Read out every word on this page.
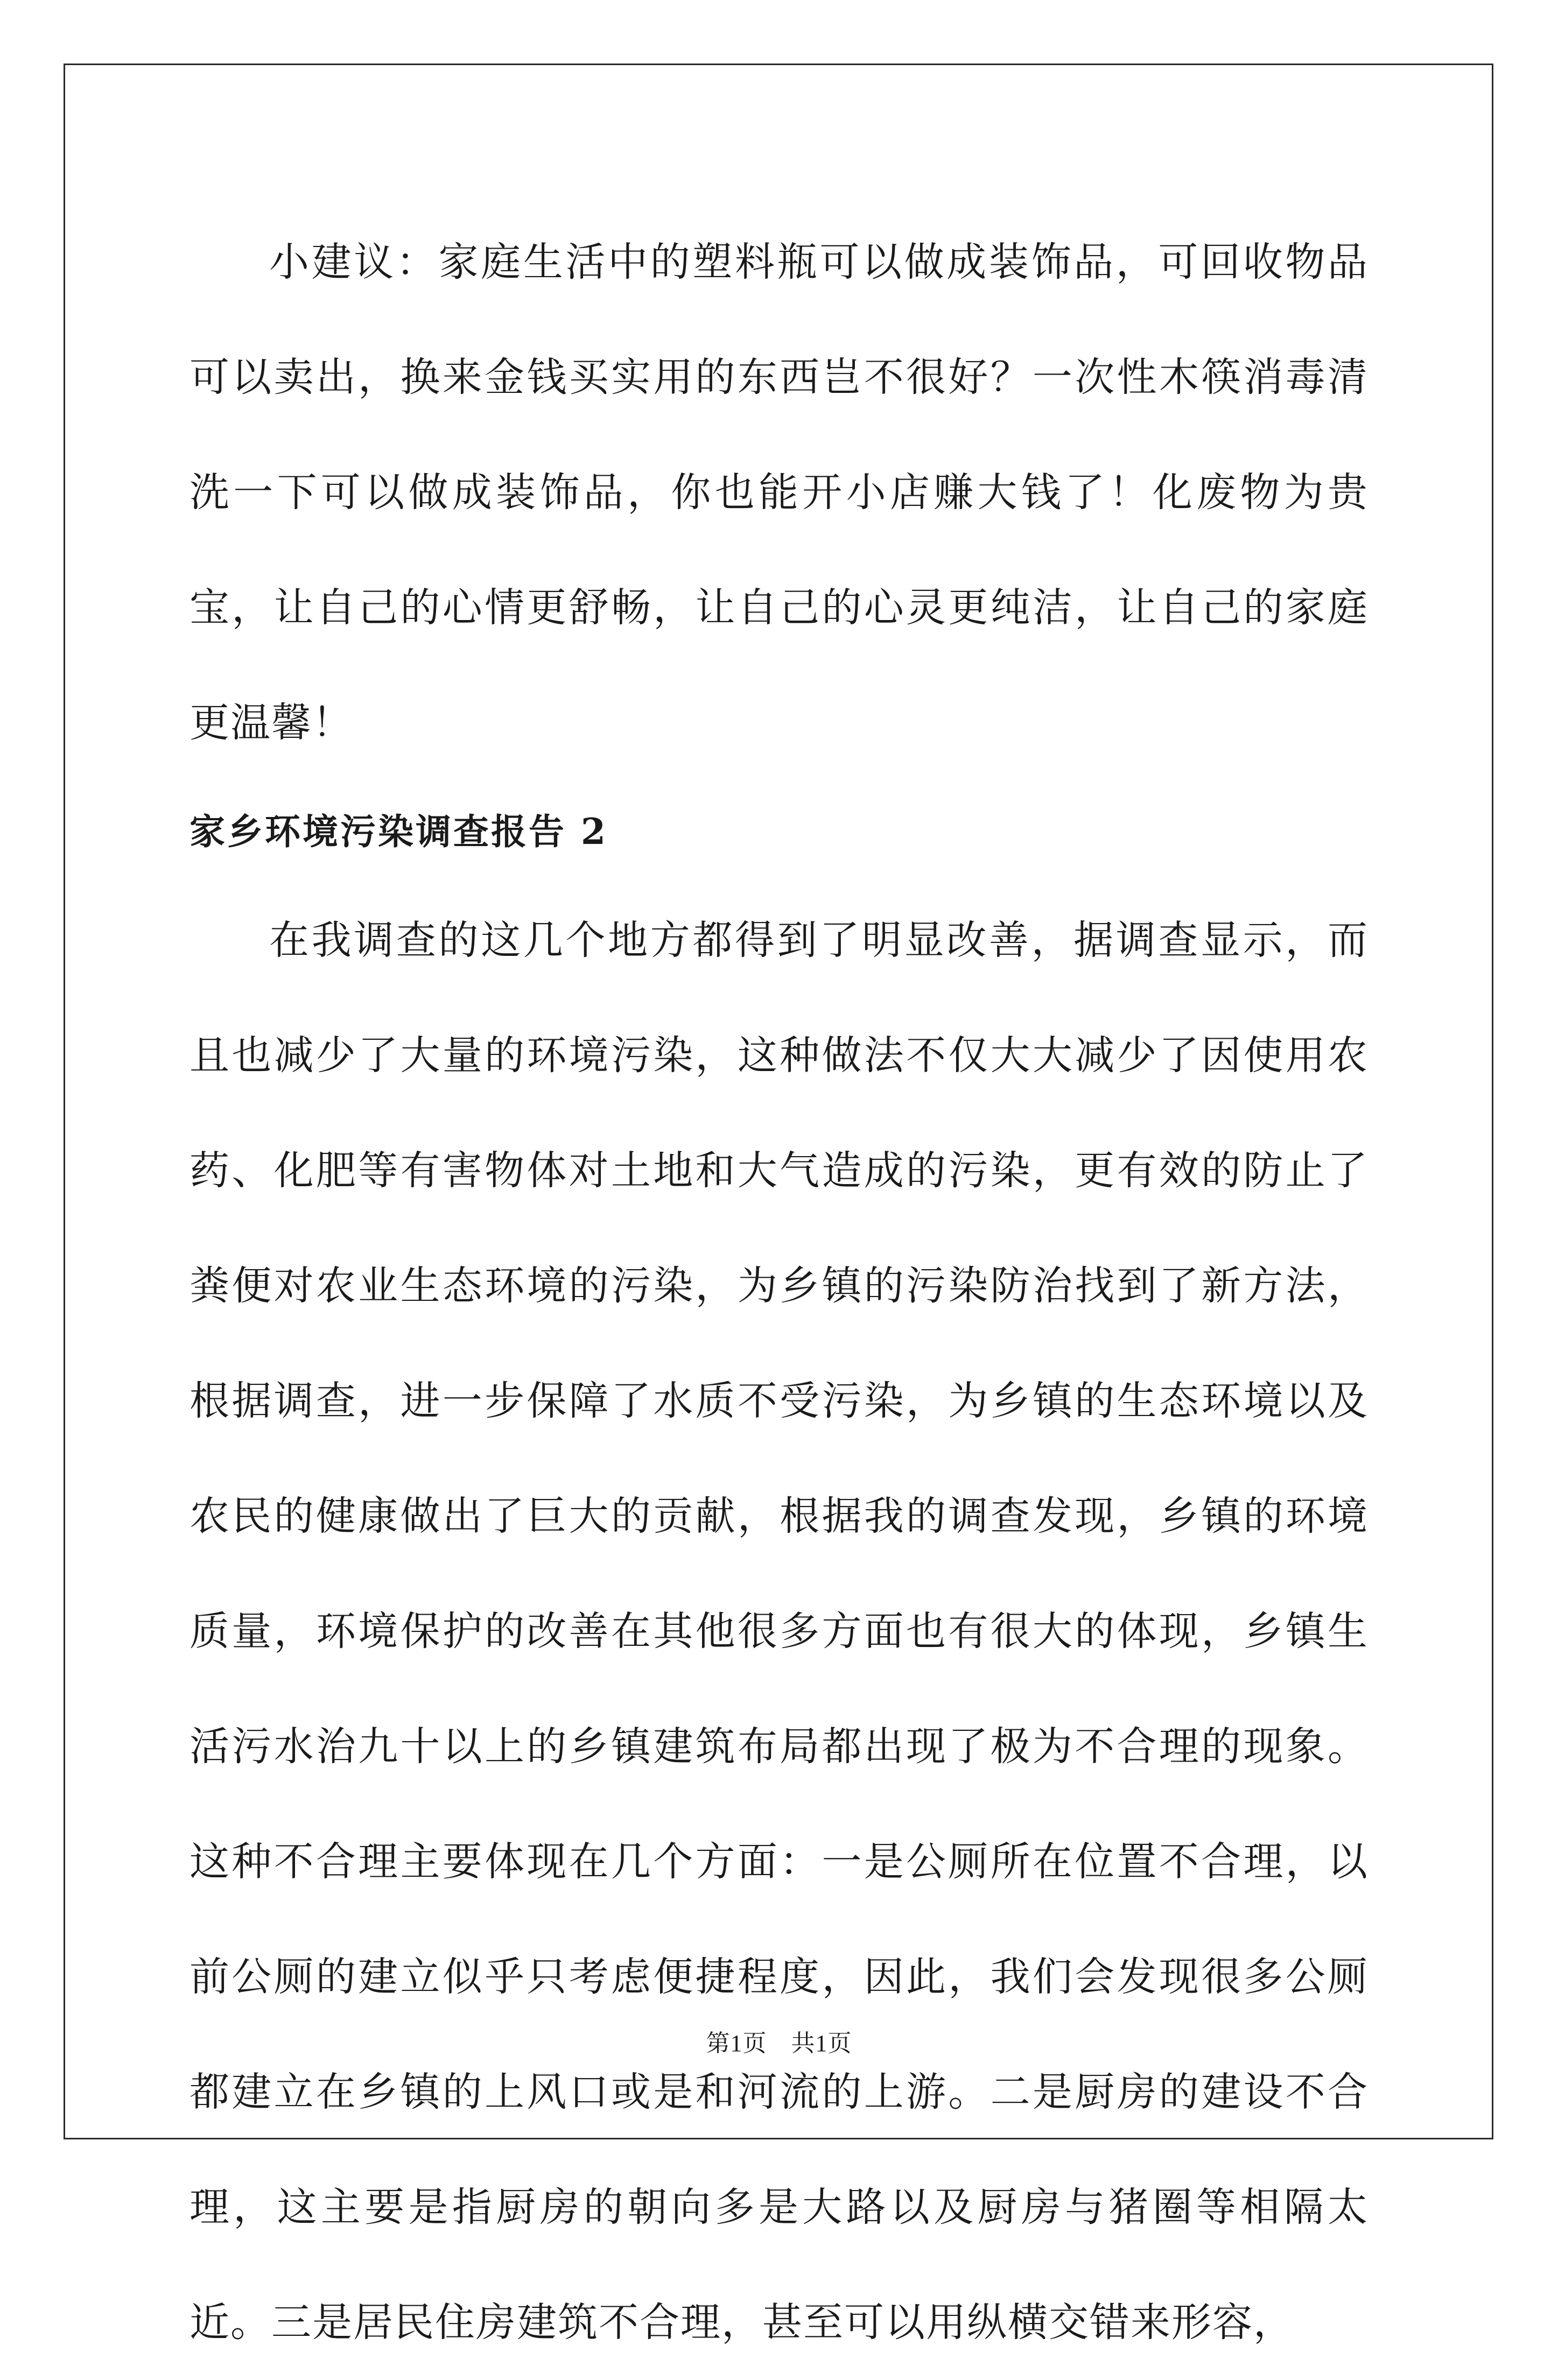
小建议：家庭生活中的塑料瓶可以做成装饰品，可回收物品可以卖出，换来金钱买实用的东西岂不很好？一次性木筷消毒清洗一下可以做成装饰品，你也能开小店赚大钱了！化废物为贵宝，让自己的心情更舒畅，让自己的心灵更纯洁，让自己的家庭更温馨！

家乡环境污染调查报告 2

在我调查的这几个地方都得到了明显改善，据调查显示，而且也减少了大量的环境污染，这种做法不仅大大减少了因使用农药、化肥等有害物体对土地和大气造成的污染，更有效的防止了粪便对农业生态环境的污染，为乡镇的污染防治找到了新方法，根据调查，进一步保障了水质不受污染，为乡镇的生态环境以及农民的健康做出了巨大的贡献，根据我的调查发现，乡镇的环境质量，环境保护的改善在其他很多方面也有很大的体现，乡镇生活污水治九十以上的乡镇建筑布局都出现了极为不合理的现象。这种不合理主要体现在几个方面：一是公厕所在位置不合理，以前公厕的建立似乎只考虑便捷程度，因此，我们会发现很多公厕都建立在乡镇的上风口或是和河流的上游。二是厨房的建设不合理，这主要是指厨房的朝向多是大路以及厨房与猪圈等相隔太近。三是居民住房建筑不合理，甚至可以用纵横交错来形容，

第1页　共1页
